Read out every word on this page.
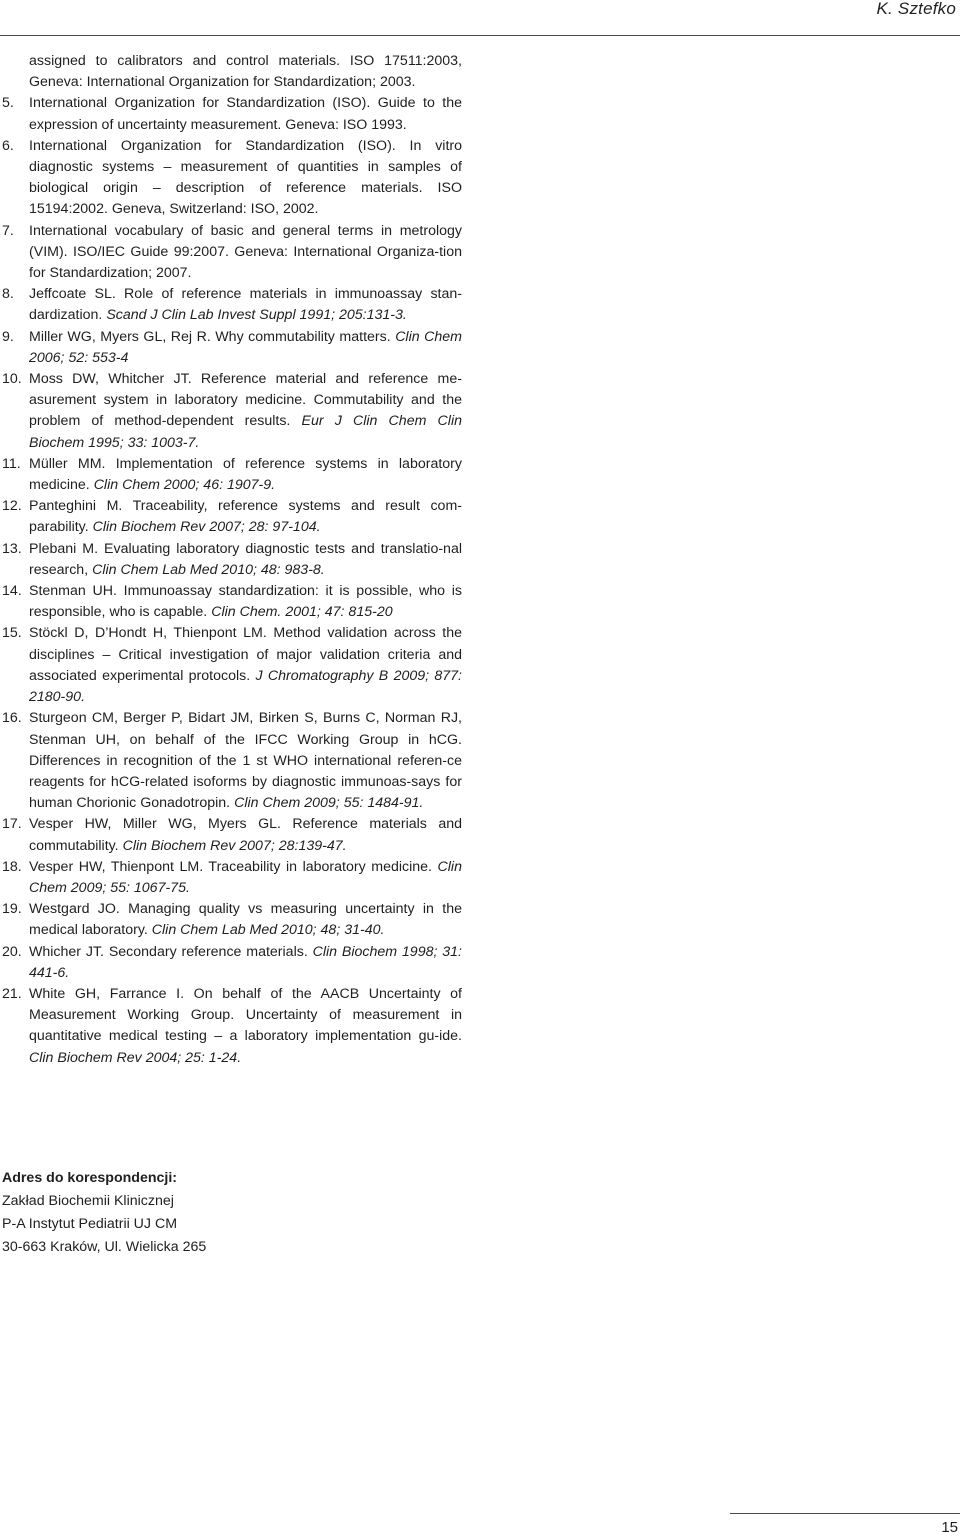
K. Sztefko
assigned to calibrators and control materials. ISO 17511:2003, Geneva: International Organization for Standardization; 2003.
5. International Organization for Standardization (ISO). Guide to the expression of uncertainty measurement. Geneva: ISO 1993.
6. International Organization for Standardization (ISO). In vitro diagnostic systems – measurement of quantities in samples of biological origin – description of reference materials. ISO 15194:2002. Geneva, Switzerland: ISO, 2002.
7. International vocabulary of basic and general terms in metrology (VIM). ISO/IEC Guide 99:2007. Geneva: International Organiza-tion for Standardization; 2007.
8. Jeffcoate SL. Role of reference materials in immunoassay stan-dardization. Scand J Clin Lab Invest Suppl 1991; 205:131-3.
9. Miller WG, Myers GL, Rej R. Why commutability matters. Clin Chem 2006; 52: 553-4
10. Moss DW, Whitcher JT. Reference material and reference me-asurement system in laboratory medicine. Commutability and the problem of method-dependent results. Eur J Clin Chem Clin Biochem 1995; 33: 1003-7.
11. Müller MM. Implementation of reference systems in laboratory medicine. Clin Chem 2000; 46: 1907-9.
12. Panteghini M. Traceability, reference systems and result com-parability. Clin Biochem Rev 2007; 28: 97-104.
13. Plebani M. Evaluating laboratory diagnostic tests and translatio-nal research, Clin Chem Lab Med 2010; 48: 983-8.
14. Stenman UH. Immunoassay standardization: it is possible, who is responsible, who is capable. Clin Chem. 2001; 47: 815-20
15. Stöckl D, D’Hondt H, Thienpont LM. Method validation across the disciplines – Critical investigation of major validation criteria and associated experimental protocols. J Chromatography B 2009; 877: 2180-90.
16. Sturgeon CM, Berger P, Bidart JM, Birken S, Burns C, Norman RJ, Stenman UH, on behalf of the IFCC Working Group in hCG. Differences in recognition of the 1 st WHO international referen-ce reagents for hCG-related isoforms by diagnostic immunoas-says for human Chorionic Gonadotropin. Clin Chem 2009; 55: 1484-91.
17. Vesper HW, Miller WG, Myers GL. Reference materials and commutability. Clin Biochem Rev 2007; 28:139-47.
18. Vesper HW, Thienpont LM. Traceability in laboratory medicine. Clin Chem 2009; 55: 1067-75.
19. Westgard JO. Managing quality vs measuring uncertainty in the medical laboratory. Clin Chem Lab Med 2010; 48; 31-40.
20. Whicher JT. Secondary reference materials. Clin Biochem 1998; 31: 441-6.
21. White GH, Farrance I. On behalf of the AACB Uncertainty of Measurement Working Group. Uncertainty of measurement in quantitative medical testing – a laboratory implementation gu-ide. Clin Biochem Rev 2004; 25: 1-24.
Adres do korespondencji:
Zakład Biochemii Klinicznej
P-A Instytut Pediatrii UJ CM
30-663 Kraków, Ul. Wielicka 265
15
